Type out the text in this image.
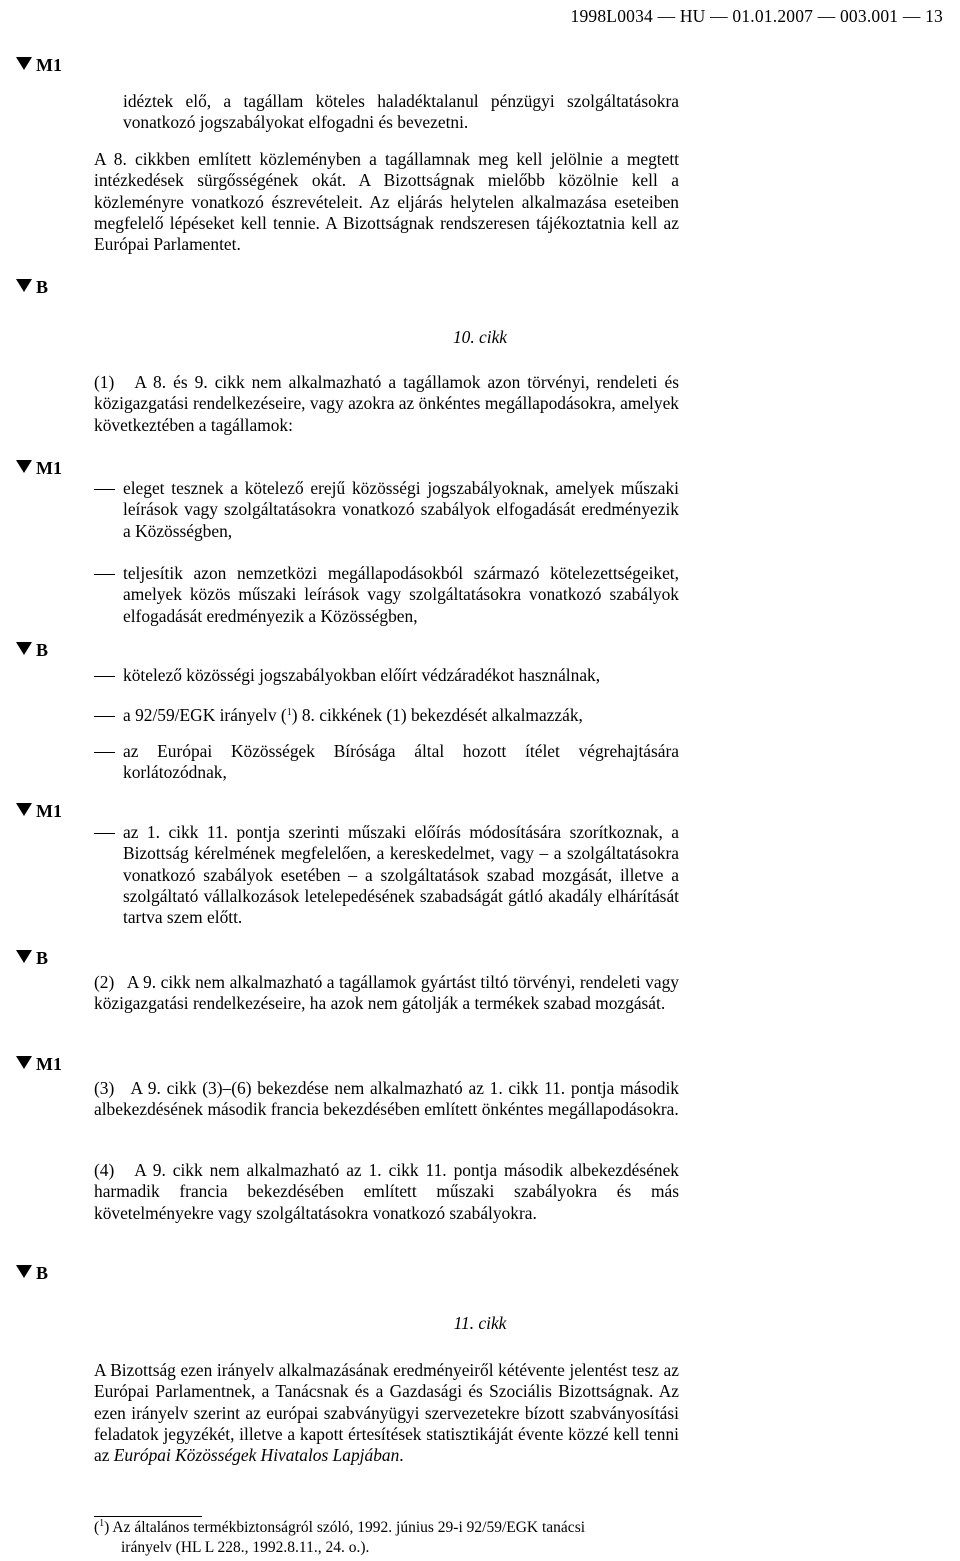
1998L0034 — HU — 01.01.2007 — 003.001 — 13
M1
B
M1
B
M1
B
M1
B
idéztek elő, a tagállam köteles haladéktalanul pénzügyi szolgáltatásokra vonatkozó jogszabályokat elfogadni és bevezetni.
A 8. cikkben említett közleményben a tagállamnak meg kell jelölnie a megtett intézkedések sürgősségének okát. A Bizottságnak mielőbb közölnie kell a közleményre vonatkozó észrevételeit. Az eljárás helytelen alkalmazása eseteiben megfelelő lépéseket kell tennie. A Bizottságnak rendszeresen tájékoztatnia kell az Európai Parlamentet.
10. cikk
(1)   A 8. és 9. cikk nem alkalmazható a tagállamok azon törvényi, rendeleti és közigazgatási rendelkezéseire, vagy azokra az önkéntes megállapodásokra, amelyek következtében a tagállamok:
eleget tesznek a kötelező erejű közösségi jogszabályoknak, amelyek műszaki leírások vagy szolgáltatásokra vonatkozó szabályok elfogadását eredményezik a Közösségben,
teljesítik azon nemzetközi megállapodásokból származó kötelezettségeiket, amelyek közös műszaki leírások vagy szolgáltatásokra vonatkozó szabályok elfogadását eredményezik a Közösségben,
kötelező közösségi jogszabályokban előírt védzáradékot használnak,
a 92/59/EGK irányelv ($^1$) 8. cikkének (1) bekezdését alkalmazzák,
az Európai Közösségek Bírósága által hozott ítélet végrehajtására korlátozódnak,
az 1. cikk 11. pontja szerinti műszaki előírás módosítására szorítkoznak, a Bizottság kérelmének megfelelően, a kereskedelmet, vagy – a szolgáltatásokra vonatkozó szabályok esetében – a szolgáltatások szabad mozgását, illetve a szolgáltató vállalkozások letelepedésének szabadságát gátló akadály elhárítását tartva szem előtt.
(2)   A 9. cikk nem alkalmazható a tagállamok gyártást tiltó törvényi, rendeleti vagy közigazgatási rendelkezéseire, ha azok nem gátolják a termékek szabad mozgását.
(3)   A 9. cikk (3)–(6) bekezdése nem alkalmazható az 1. cikk 11. pontja második albekezdésének második francia bekezdésében említett önkéntes megállapodásokra.
(4)   A 9. cikk nem alkalmazható az 1. cikk 11. pontja második albekezdésének harmadik francia bekezdésében említett műszaki szabályokra és más követelményekre vagy szolgáltatásokra vonatkozó szabályokra.
11. cikk
A Bizottság ezen irányelv alkalmazásának eredményeiről kétévente jelentést tesz az Európai Parlamentnek, a Tanácsnak és a Gazdasági és Szociális Bizottságnak. Az ezen irányelv szerint az európai szabványügyi szervezetekre bízott szabványosítási feladatok jegyzékét, illetve a kapott értesítések statisztikáját évente közzé kell tenni az Európai Közösségek Hivatalos Lapjában.
($^1$) Az általános termékbiztonságról szóló, 1992. június 29-i 92/59/EGK tanácsi
irányelv (HL L 228., 1992.8.11., 24. o.).
